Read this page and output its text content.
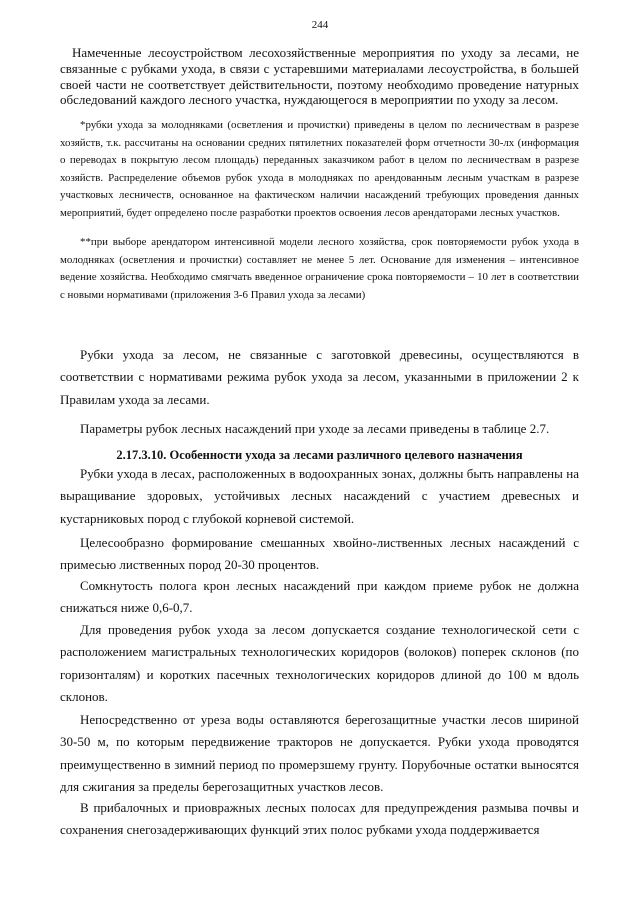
244

Намеченные лесоустройством лесохозяйственные мероприятия по уходу за лесами, не связанные с рубками ухода, в связи с устаревшими материалами лесоустройства, в большей своей части не соответствует действительности, поэтому необходимо проведение натурных обследований каждого лесного участка, нуждающегося в мероприятии по уходу за лесом.

*рубки ухода за молодняками (осветления и прочистки) приведены в целом по лесничествам в разрезе хозяйств, т.к. рассчитаны на основании средних пятилетних показателей форм отчетности 30-лх (информация о переводах в покрытую лесом площадь) переданных заказчиком работ в целом по лесничествам в разрезе хозяйств. Распределение объемов рубок ухода в молодняках по арендованным лесным участкам в разрезе участковых лесничеств, основанное на фактическом наличии насаждений требующих проведения данных мероприятий, будет определено после разработки проектов освоения лесов арендаторами лесных участков.

**при выборе арендатором интенсивной модели лесного хозяйства, срок повторяемости рубок ухода в молодняках (осветления и прочистки) составляет не менее 5 лет. Основание для изменения – интенсивное ведение хозяйства. Необходимо смягчать введенное ограничение срока повторяемости – 10 лет в соответствии с новыми нормативами (приложения 3-6 Правил ухода за лесами)

Рубки ухода за лесом, не связанные с заготовкой древесины, осуществляются в соответствии с нормативами режима рубок ухода за лесом, указанными в приложении 2 к Правилам ухода за лесами.

Параметры рубок лесных насаждений при уходе за лесами приведены в таблице 2.7.

2.17.3.10. Особенности ухода за лесами различного целевого назначения

Рубки ухода в лесах, расположенных в водоохранных зонах, должны быть направлены на выращивание здоровых, устойчивых лесных насаждений с участием древесных и кустарниковых пород с глубокой корневой системой.

Целесообразно формирование смешанных хвойно-лиственных лесных насаждений с примесью лиственных пород 20-30 процентов.

Сомкнутость полога крон лесных насаждений при каждом приеме рубок не должна снижаться ниже 0,6-0,7.

Для проведения рубок ухода за лесом допускается создание технологической сети с расположением магистральных технологических коридоров (волоков) поперек склонов (по горизонталям) и коротких пасечных технологических коридоров длиной до 100 м вдоль склонов.

Непосредственно от уреза воды оставляются берегозащитные участки лесов шириной 30-50 м, по которым передвижение тракторов не допускается. Рубки ухода проводятся преимущественно в зимний период по промерзшему грунту. Порубочные остатки выносятся для сжигания за пределы берегозащитных участков лесов.

В прибалочных и приовражных лесных полосах для предупреждения размыва почвы и сохранения снегозадерживающих функций этих полос рубками ухода поддерживается
